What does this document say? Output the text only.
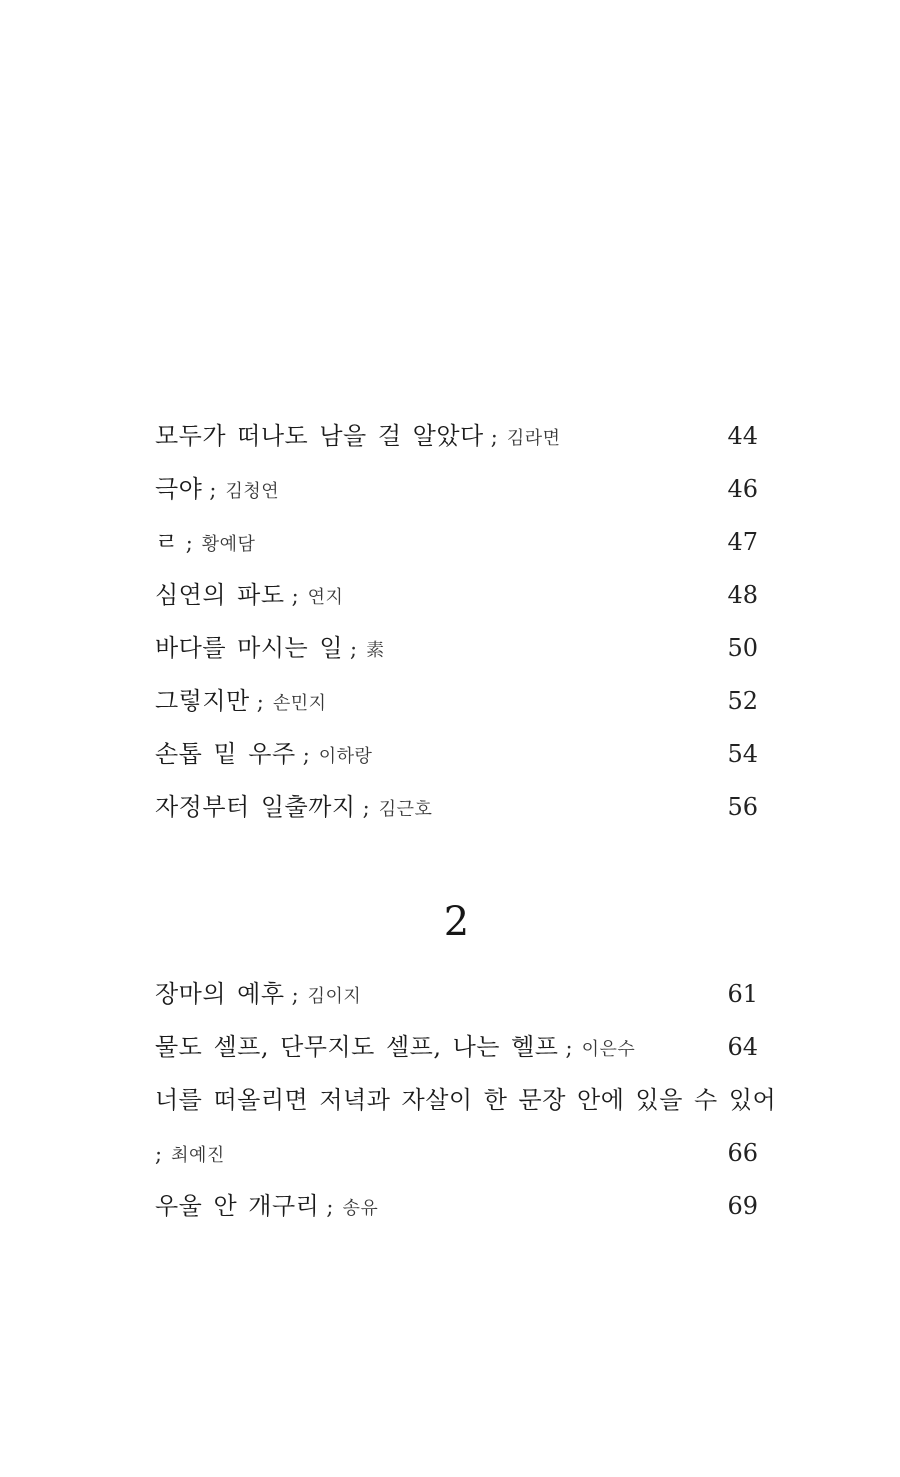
모두가 떠나도 남을 걸 알았다 ; 김라면	44
극야 ; 김청연	46
ㄹ ; 황예담	47
심연의 파도 ; 연지	48
바다를 마시는 일 ; 素	50
그렇지만 ; 손민지	52
손톱 밑 우주 ; 이하랑	54
자정부터 일출까지 ; 김근호	56
2
장마의 예후 ; 김이지	61
물도 셀프, 단무지도 셀프, 나는 헬프 ; 이은수	64
너를 떠올리면 저녁과 자살이 한 문장 안에 있을 수 있어
; 최예진	66
우울 안 개구리 ; 송유	69
